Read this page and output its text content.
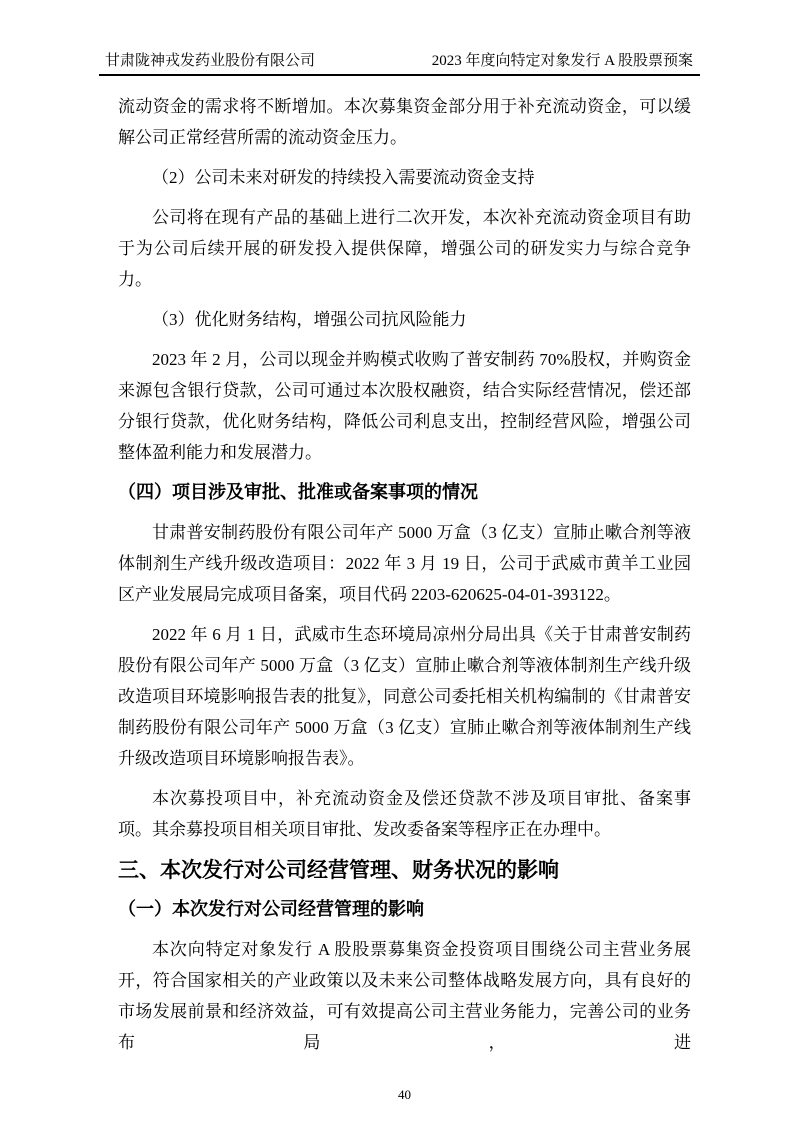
甘肃陇神戎发药业股份有限公司	2023 年度向特定对象发行 A 股股票预案

流动资金的需求将不断增加。本次募集资金部分用于补充流动资金，可以缓解公司正常经营所需的流动资金压力。

（2）公司未来对研发的持续投入需要流动资金支持

公司将在现有产品的基础上进行二次开发，本次补充流动资金项目有助于为公司后续开展的研发投入提供保障，增强公司的研发实力与综合竞争力。

（3）优化财务结构，增强公司抗风险能力

2023 年 2 月，公司以现金并购模式收购了普安制药 70%股权，并购资金来源包含银行贷款，公司可通过本次股权融资，结合实际经营情况，偿还部分银行贷款，优化财务结构，降低公司利息支出，控制经营风险，增强公司整体盈利能力和发展潜力。

（四）项目涉及审批、批准或备案事项的情况

甘肃普安制药股份有限公司年产 5000 万盒（3 亿支）宣肺止嗽合剂等液体制剂生产线升级改造项目：2022 年 3 月 19 日，公司于武威市黄羊工业园区产业发展局完成项目备案，项目代码 2203-620625-04-01-393122。

2022 年 6 月 1 日，武威市生态环境局凉州分局出具《关于甘肃普安制药股份有限公司年产 5000 万盒（3 亿支）宣肺止嗽合剂等液体制剂生产线升级改造项目环境影响报告表的批复》，同意公司委托相关机构编制的《甘肃普安制药股份有限公司年产 5000 万盒（3 亿支）宣肺止嗽合剂等液体制剂生产线升级改造项目环境影响报告表》。

本次募投项目中，补充流动资金及偿还贷款不涉及项目审批、备案事项。其余募投项目相关项目审批、发改委备案等程序正在办理中。

三、本次发行对公司经营管理、财务状况的影响
（一）本次发行对公司经营管理的影响

本次向特定对象发行 A 股股票募集资金投资项目围绕公司主营业务展开，符合国家相关的产业政策以及未来公司整体战略发展方向，具有良好的市场发展前景和经济效益，可有效提高公司主营业务能力，完善公司的业务布局，进

40
